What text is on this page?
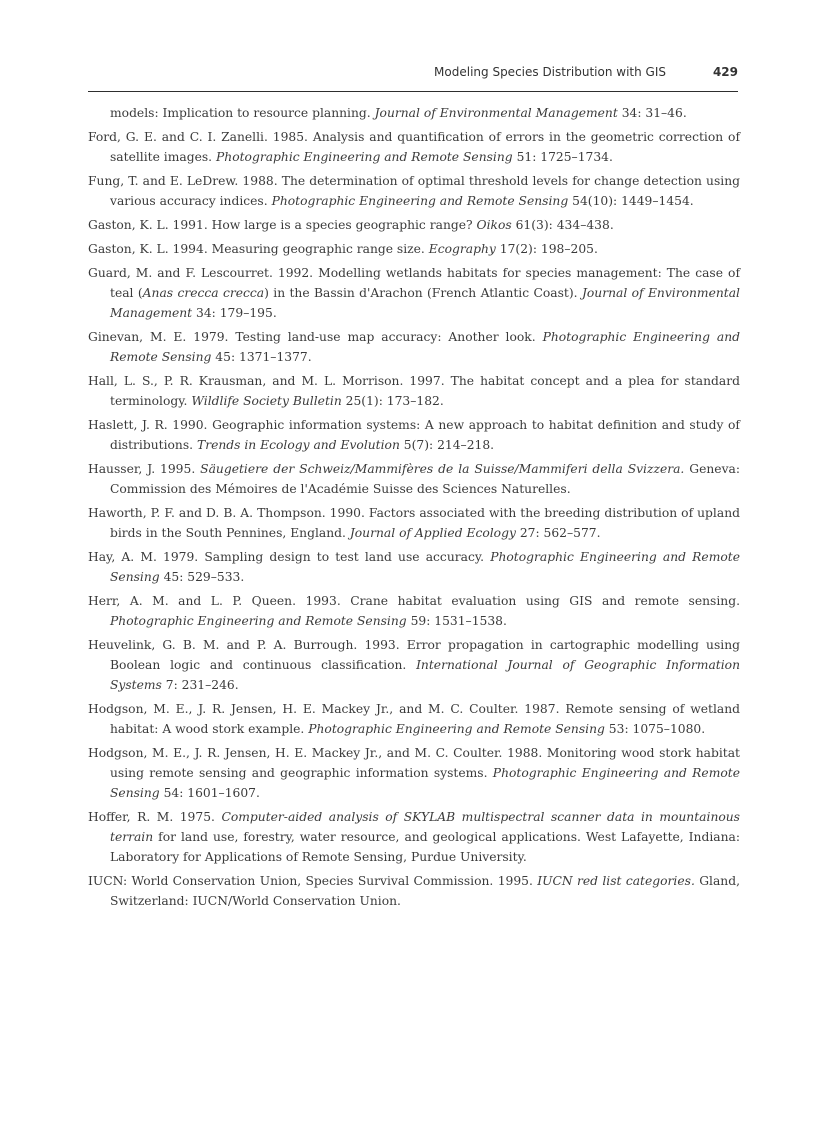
Modeling Species Distribution with GIS	429

models: Implication to resource planning. Journal of Environmental Management 34: 31–46.

Ford, G. E. and C. I. Zanelli. 1985. Analysis and quantification of errors in the geometric correction of satellite images. Photographic Engineering and Remote Sensing 51: 1725–1734.

Fung, T. and E. LeDrew. 1988. The determination of optimal threshold levels for change detection using various accuracy indices. Photographic Engineering and Remote Sensing 54(10): 1449–1454.

Gaston, K. L. 1991. How large is a species geographic range? Oikos 61(3): 434–438.

Gaston, K. L. 1994. Measuring geographic range size. Ecography 17(2): 198–205.

Guard, M. and F. Lescourret. 1992. Modelling wetlands habitats for species management: The case of teal (Anas crecca crecca) in the Bassin d'Arachon (French Atlantic Coast). Journal of Environmental Management 34: 179–195.

Ginevan, M. E. 1979. Testing land-use map accuracy: Another look. Photographic Engineering and Remote Sensing 45: 1371–1377.

Hall, L. S., P. R. Krausman, and M. L. Morrison. 1997. The habitat concept and a plea for standard terminology. Wildlife Society Bulletin 25(1): 173–182.

Haslett, J. R. 1990. Geographic information systems: A new approach to habitat definition and study of distributions. Trends in Ecology and Evolution 5(7): 214–218.

Hausser, J. 1995. Säugetiere der Schweiz/Mammifères de la Suisse/Mammiferi della Svizzera. Geneva: Commission des Mémoires de l'Académie Suisse des Sciences Naturelles.

Haworth, P. F. and D. B. A. Thompson. 1990. Factors associated with the breeding distribution of upland birds in the South Pennines, England. Journal of Applied Ecology 27: 562–577.

Hay, A. M. 1979. Sampling design to test land use accuracy. Photographic Engineering and Remote Sensing 45: 529–533.

Herr, A. M. and L. P. Queen. 1993. Crane habitat evaluation using GIS and remote sensing. Photographic Engineering and Remote Sensing 59: 1531–1538.

Heuvelink, G. B. M. and P. A. Burrough. 1993. Error propagation in cartographic modelling using Boolean logic and continuous classification. International Journal of Geographic Information Systems 7: 231–246.

Hodgson, M. E., J. R. Jensen, H. E. Mackey Jr., and M. C. Coulter. 1987. Remote sensing of wetland habitat: A wood stork example. Photographic Engineering and Remote Sensing 53: 1075–1080.

Hodgson, M. E., J. R. Jensen, H. E. Mackey Jr., and M. C. Coulter. 1988. Monitoring wood stork habitat using remote sensing and geographic information systems. Photographic Engineering and Remote Sensing 54: 1601–1607.

Hoffer, R. M. 1975. Computer-aided analysis of SKYLAB multispectral scanner data in mountainous terrain for land use, forestry, water resource, and geological applications. West Lafayette, Indiana: Laboratory for Applications of Remote Sensing, Purdue University.

IUCN: World Conservation Union, Species Survival Commission. 1995. IUCN red list categories. Gland, Switzerland: IUCN/World Conservation Union.
